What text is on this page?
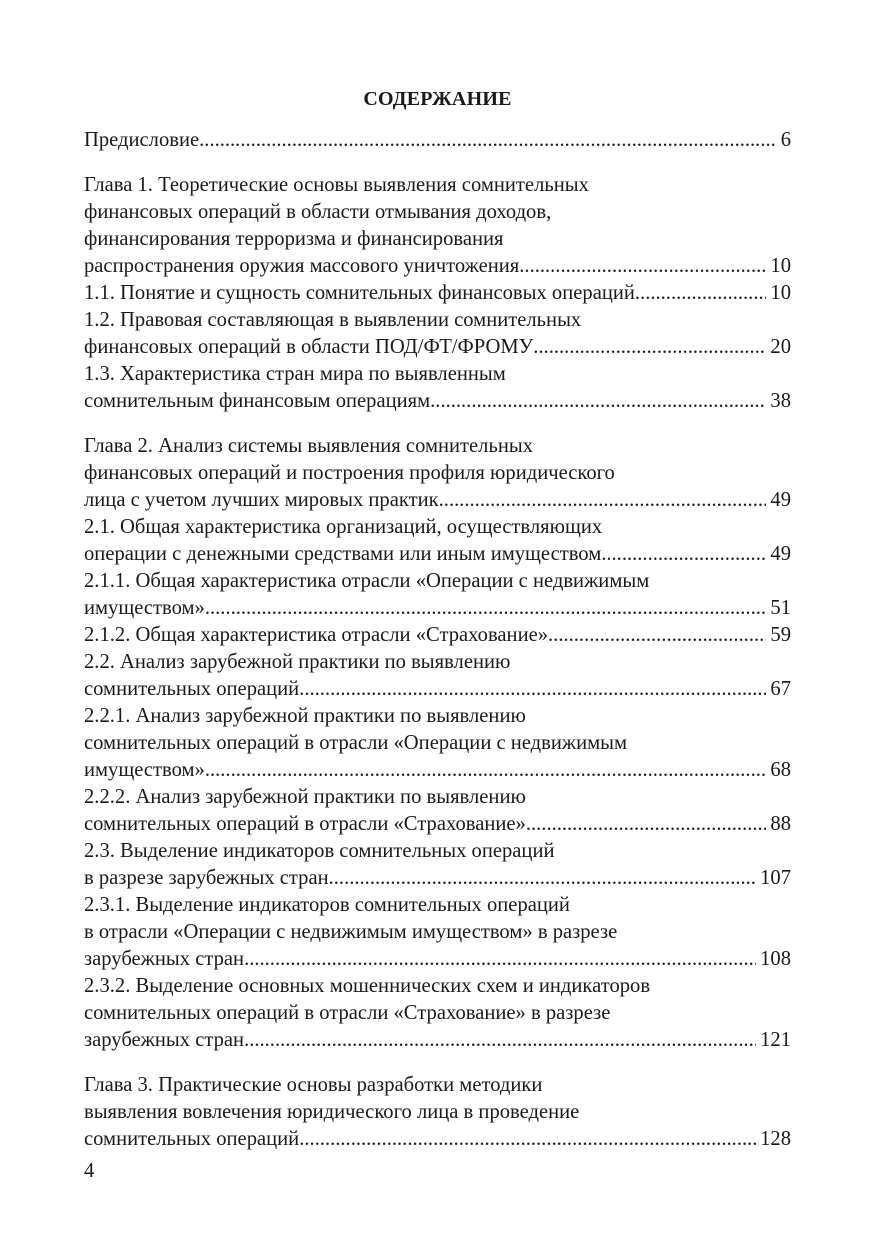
СОДЕРЖАНИЕ
Предисловие .....	6
Глава 1. Теоретические основы выявления сомнительных
финансовых операций в области отмывания доходов,
финансирования терроризма и финансирования
распространения оружия массового уничтожения .....	10
1.1. Понятие и сущность сомнительных финансовых операций .....	10
1.2. Правовая составляющая в выявлении сомнительных
финансовых операций в области ПОД/ФТ/ФРОМУ .....	20
1.3. Характеристика стран мира по выявленным
сомнительным финансовым операциям .....	38
Глава 2. Анализ системы выявления сомнительных
финансовых операций и построения профиля юридического
лица с учетом лучших мировых практик .....	49
2.1. Общая характеристика организаций, осуществляющих
операции с денежными средствами или иным имуществом .....	49
2.1.1. Общая характеристика отрасли «Операции с недвижимым
имуществом» .....	51
2.1.2. Общая характеристика отрасли «Страхование» .....	59
2.2. Анализ зарубежной практики по выявлению
сомнительных операций .....	67
2.2.1. Анализ зарубежной практики по выявлению
сомнительных операций в отрасли «Операции с недвижимым
имуществом» .....	68
2.2.2. Анализ зарубежной практики по выявлению
сомнительных операций в отрасли «Страхование» .....	88
2.3. Выделение индикаторов сомнительных операций
в разрезе зарубежных стран .....	107
2.3.1. Выделение индикаторов сомнительных операций
в отрасли «Операции с недвижимым имуществом» в разрезе
зарубежных стран .....	108
2.3.2. Выделение основных мошеннических схем и индикаторов
сомнительных операций в отрасли «Страхование» в разрезе
зарубежных стран .....	121
Глава 3. Практические основы разработки методики
выявления вовлечения юридического лица в проведение
сомнительных операций .....	128
4
